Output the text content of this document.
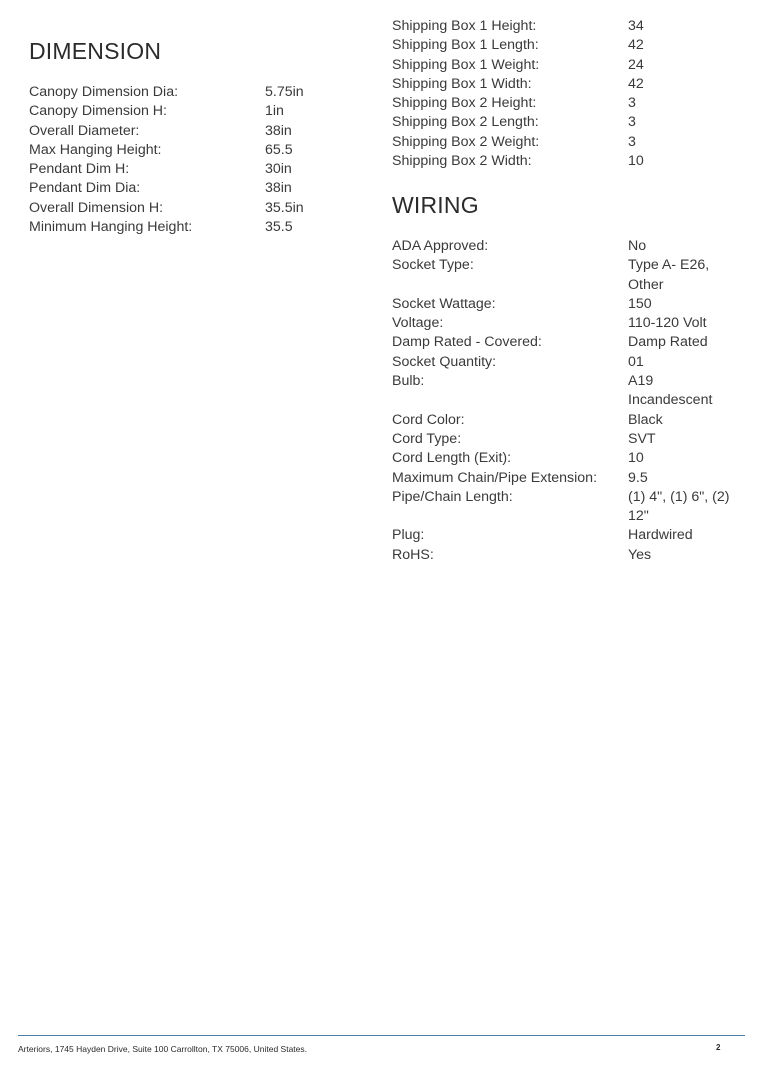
DIMENSION
Canopy Dimension Dia:	5.75in
Canopy Dimension H:	1in
Overall Diameter:	38in
Max Hanging Height:	65.5
Pendant Dim H:	30in
Pendant Dim Dia:	38in
Overall Dimension H:	35.5in
Minimum Hanging Height:	35.5
Shipping Box 1 Height:	34
Shipping Box 1 Length:	42
Shipping Box 1 Weight:	24
Shipping Box 1 Width:	42
Shipping Box 2 Height:	3
Shipping Box 2 Length:	3
Shipping Box 2 Weight:	3
Shipping Box 2 Width:	10
WIRING
ADA Approved:	No
Socket Type:	Type A- E26, Other
Socket Wattage:	150
Voltage:	110-120 Volt
Damp Rated - Covered:	Damp Rated
Socket Quantity:	01
Bulb:	A19 Incandescent
Cord Color:	Black
Cord Type:	SVT
Cord Length (Exit):	10
Maximum Chain/Pipe Extension:	9.5
Pipe/Chain Length:	(1) 4", (1) 6", (2) 12"
Plug:	Hardwired
RoHS:	Yes
Arteriors, 1745 Hayden Drive, Suite 100 Carrollton, TX 75006, United States.	2
